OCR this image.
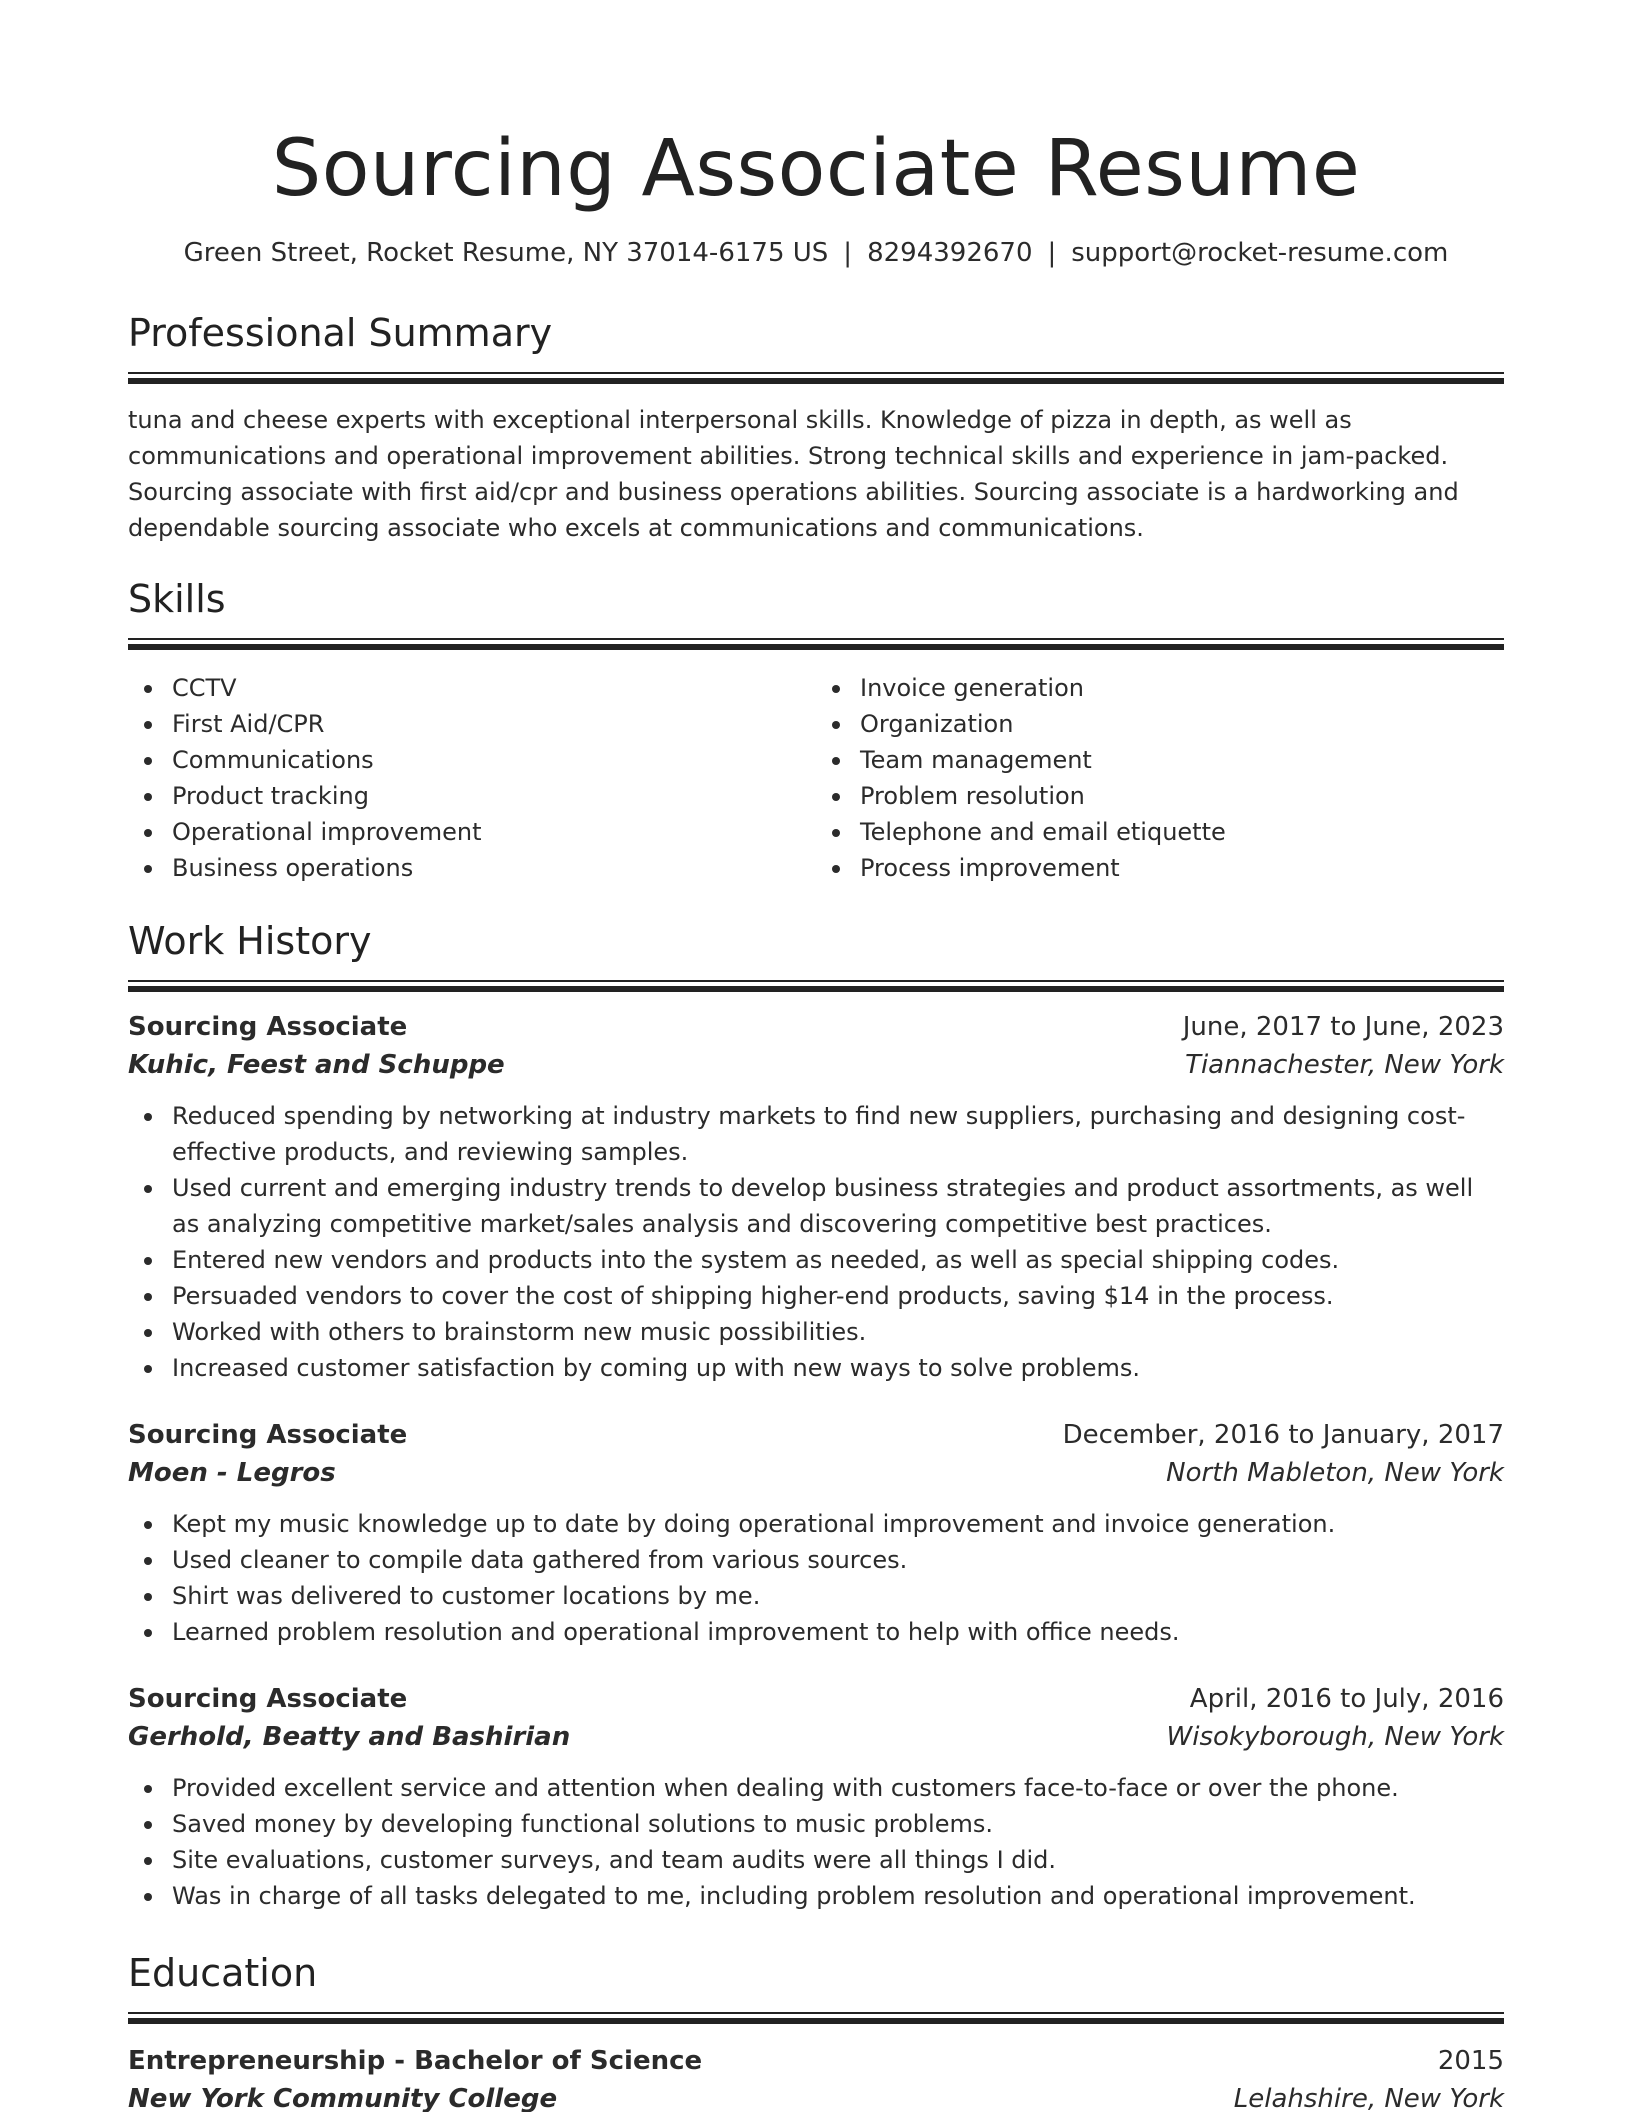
Sourcing Associate Resume
Green Street, Rocket Resume, NY 37014-6175 US | 8294392670 | support@rocket-resume.com
Professional Summary

tuna and cheese experts with exceptional interpersonal skills. Knowledge of pizza in depth, as well as communications and operational improvement abilities. Strong technical skills and experience in jam-packed. Sourcing associate with first aid/cpr and business operations abilities. Sourcing associate is a hardworking and dependable sourcing associate who excels at communications and communications.

Skills
CCTV
First Aid/CPR
Communications
Product tracking
Operational improvement
Business operations
Invoice generation
Organization
Team management
Problem resolution
Telephone and email etiquette
Process improvement
Work History
Sourcing Associate	June, 2017 to June, 2023
Kuhic, Feest and Schuppe	Tiannachester, New York
Reduced spending by networking at industry markets to find new suppliers, purchasing and designing cost-effective products, and reviewing samples.
Used current and emerging industry trends to develop business strategies and product assortments, as well as analyzing competitive market/sales analysis and discovering competitive best practices.
Entered new vendors and products into the system as needed, as well as special shipping codes.
Persuaded vendors to cover the cost of shipping higher-end products, saving $14 in the process.
Worked with others to brainstorm new music possibilities.
Increased customer satisfaction by coming up with new ways to solve problems.
Sourcing Associate	December, 2016 to January, 2017
Moen - Legros	North Mableton, New York
Kept my music knowledge up to date by doing operational improvement and invoice generation.
Used cleaner to compile data gathered from various sources.
Shirt was delivered to customer locations by me.
Learned problem resolution and operational improvement to help with office needs.
Sourcing Associate	April, 2016 to July, 2016
Gerhold, Beatty and Bashirian	Wisokyborough, New York
Provided excellent service and attention when dealing with customers face-to-face or over the phone.
Saved money by developing functional solutions to music problems.
Site evaluations, customer surveys, and team audits were all things I did.
Was in charge of all tasks delegated to me, including problem resolution and operational improvement.
Education
Entrepreneurship - Bachelor of Science	2015
New York Community College	Lelahshire, New York
